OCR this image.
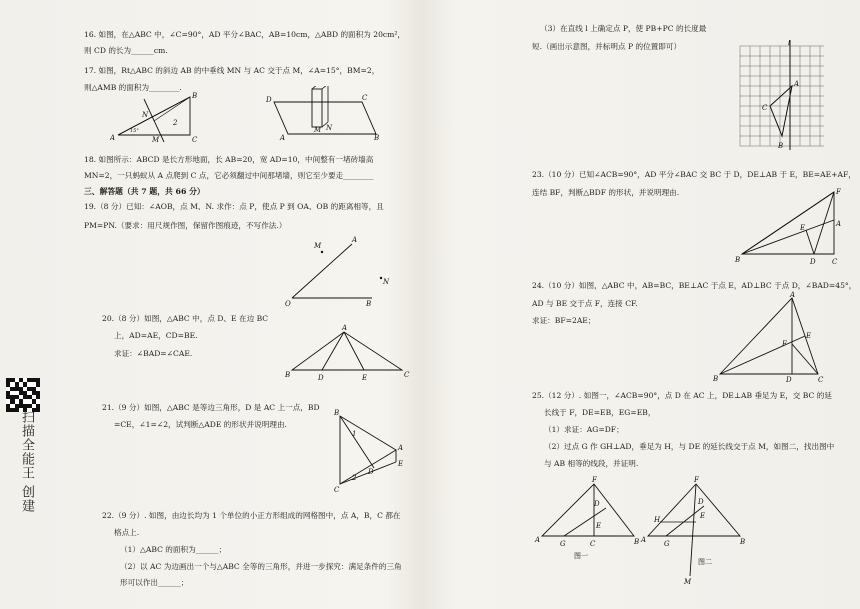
扫描全能王 创建
16. 如图，在△ABC 中，∠C=90°，AD 平分∠BAC，AB=10cm，△ABD 的面积为 20cm²，
则 CD 的长为______cm.
17. 如图，Rt△ABC 的斜边 AB 的中垂线 MN 与 AC 交于点 M，∠A=15°，BM=2，
则△AMB 的面积为________.
A
B
C
N
M
2
15°
D	C
A	B
M N
18. 如图所示：ABCD 是长方形地面，长 AB=20，宽 AD=10，中间整有一堵砖墙高
MN=2，一只蚂蚁从 A 点爬到 C 点，它必须翻过中间那堵墙，则它至少要走________
三、解答题（共 7 题，共 66 分）
19.（8 分）已知：∠AOB，点 M、N. 求作：点 P，使点 P 到 OA、OB 的距离相等，且
PM=PN.（要求：用尺规作图，保留作图痕迹，不写作法.）
O	B
A
M
N
20.（8 分）如图，△ABC 中，点 D、E 在边 BC
上，AD=AE，CD=BE.
求证：∠BAD=∠CAE.
A
B	C
D	E
21.（9 分）如图，△ABC 是等边三角形，D 是 AC 上一点，BD
=CE，∠1=∠2，试判断△ADE 的形状并说明理由.
B
A
E
D
C
1
2
22.（9 分）. 如图，由边长均为 1 个单位的小正方形组成的网格图中，点 A，B，C 都在
格点上.
（1）△ABC 的面积为______；
（2）以 AC 为边画出一个与△ABC 全等的三角形，并进一步探究：满足条件的三角
形可以作出______；
（3）在直线 l 上确定点 P，使 PB+PC 的长度最
短.（画出示意图，并标明点 P 的位置即可）	l
A
C
B
23.（10 分）已知∠ACB=90°，AD 平分∠BAC 交 BC 于 D，DE⊥AB 于 E，BE=AE+AF，
连结 BF，判断△BDF 的形状，并说明理由.	F
A
E
B	D C
24.（10 分）如图，△ABC 中，AB=BC，BE⊥AC 于点 E，AD⊥BC 于点 D，∠BAD=45°，
AD 与 BE 交于点 F，连接 CF.
求证：BF=2AE；
A
F
E
B	D	C
25.（12 分）. 如图一，∠ACB=90°，点 D 在 AC 上，DE⊥AB 垂足为 E，交 BC 的延
长线于 F，DE=EB，EG=EB，
（1）求证：AG=DF；
（2）过点 G 作 GH⊥AD，垂足为 H，与 DE 的延长线交于点 M，如图二，找出图中
与 AB 相等的线段，并证明.
F
A	G	C	B
D
E
图一
F
A	G
H
D
E
B
M
图二
